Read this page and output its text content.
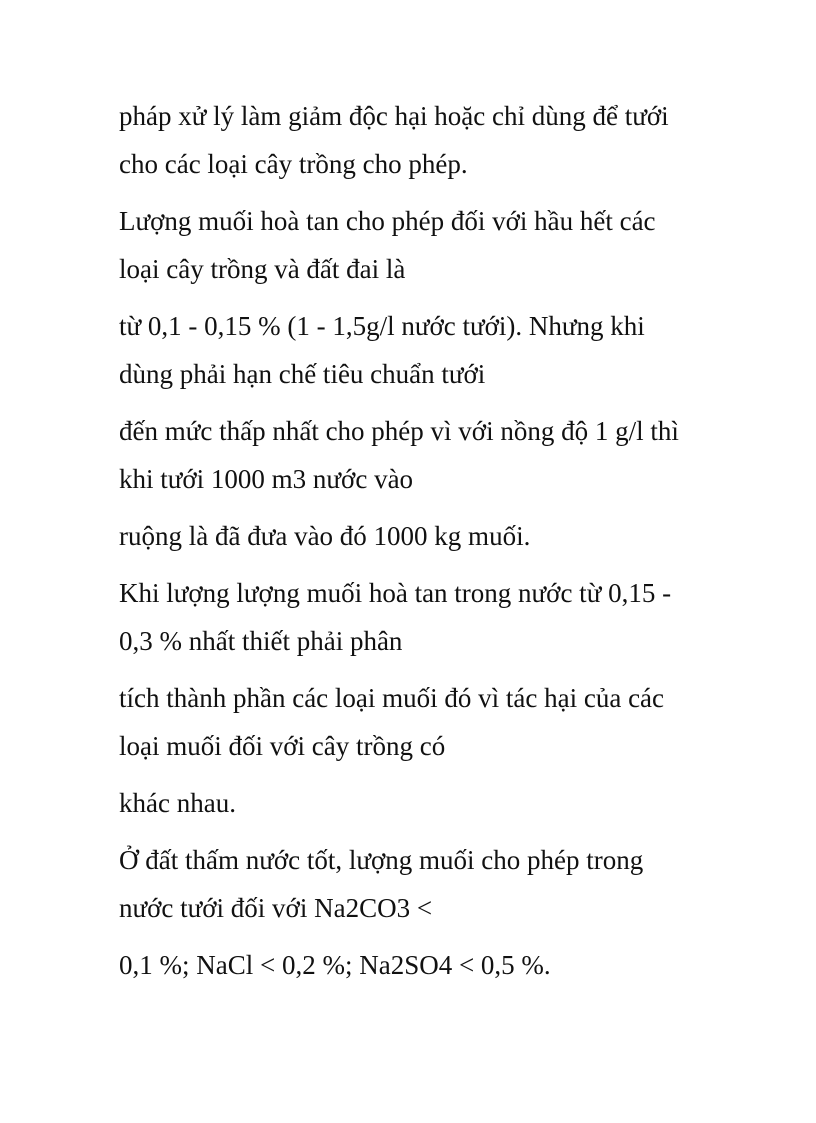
pháp xử lý làm giảm độc hại hoặc chỉ dùng để tưới
cho các loại cây trồng cho phép.

Lượng muối hoà tan cho phép đối với hầu hết các
loại cây trồng và đất đai là

từ 0,1 - 0,15 % (1 - 1,5g/l nước tưới). Nhưng khi
dùng phải hạn chế tiêu chuẩn tưới

đến mức thấp nhất cho phép vì với nồng độ 1 g/l thì
khi tưới 1000 m3 nước vào

ruộng là đã đưa vào đó 1000 kg muối.

Khi lượng lượng muối hoà tan trong nước từ 0,15 -
0,3 % nhất thiết phải phân

tích thành phần các loại muối đó vì tác hại của các
loại muối đối với cây trồng có

khác nhau.

Ở đất thấm nước tốt, lượng muối cho phép trong
nước tưới đối với Na2CO3 <

0,1 %; NaCl < 0,2 %; Na2SO4 < 0,5 %.
